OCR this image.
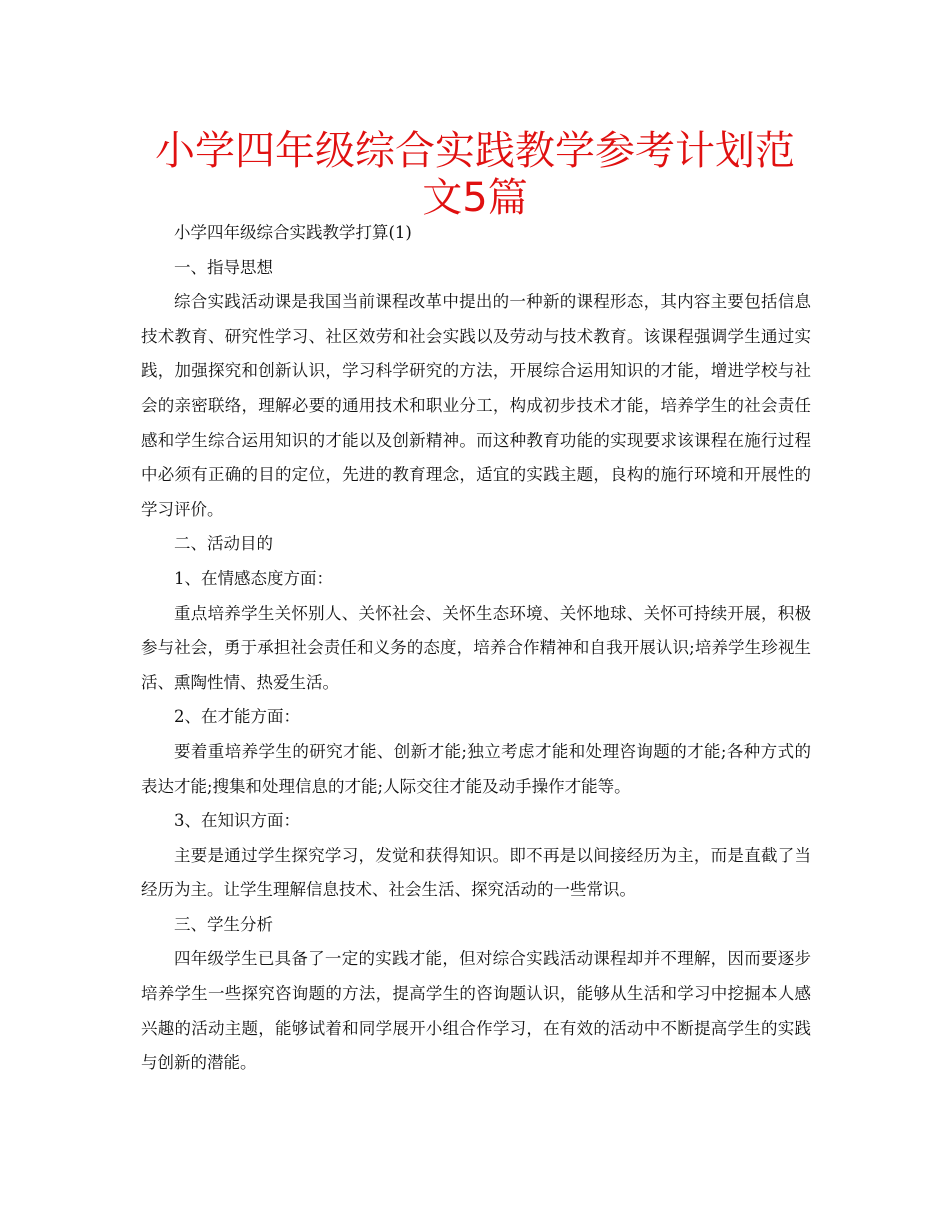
小学四年级综合实践教学参考计划范文5篇

小学四年级综合实践教学打算(1)

一、指导思想

综合实践活动课是我国当前课程改革中提出的一种新的课程形态，其内容主要包括信息技术教育、研究性学习、社区效劳和社会实践以及劳动与技术教育。该课程强调学生通过实践，加强探究和创新认识，学习科学研究的方法，开展综合运用知识的才能，增进学校与社会的亲密联络，理解必要的通用技术和职业分工，构成初步技术才能，培养学生的社会责任感和学生综合运用知识的才能以及创新精神。而这种教育功能的实现要求该课程在施行过程中必须有正确的目的定位，先进的教育理念，适宜的实践主题，良构的施行环境和开展性的学习评价。

二、活动目的

1、在情感态度方面：

重点培养学生关怀别人、关怀社会、关怀生态环境、关怀地球、关怀可持续开展，积极参与社会，勇于承担社会责任和义务的态度，培养合作精神和自我开展认识;培养学生珍视生活、熏陶性情、热爱生活。

2、在才能方面：

要着重培养学生的研究才能、创新才能;独立考虑才能和处理咨询题的才能;各种方式的表达才能;搜集和处理信息的才能;人际交往才能及动手操作才能等。

3、在知识方面：

主要是通过学生探究学习，发觉和获得知识。即不再是以间接经历为主，而是直截了当经历为主。让学生理解信息技术、社会生活、探究活动的一些常识。

三、学生分析

四年级学生已具备了一定的实践才能，但对综合实践活动课程却并不理解，因而要逐步培养学生一些探究咨询题的方法，提高学生的咨询题认识，能够从生活和学习中挖掘本人感兴趣的活动主题，能够试着和同学展开小组合作学习，在有效的活动中不断提高学生的实践与创新的潜能。
